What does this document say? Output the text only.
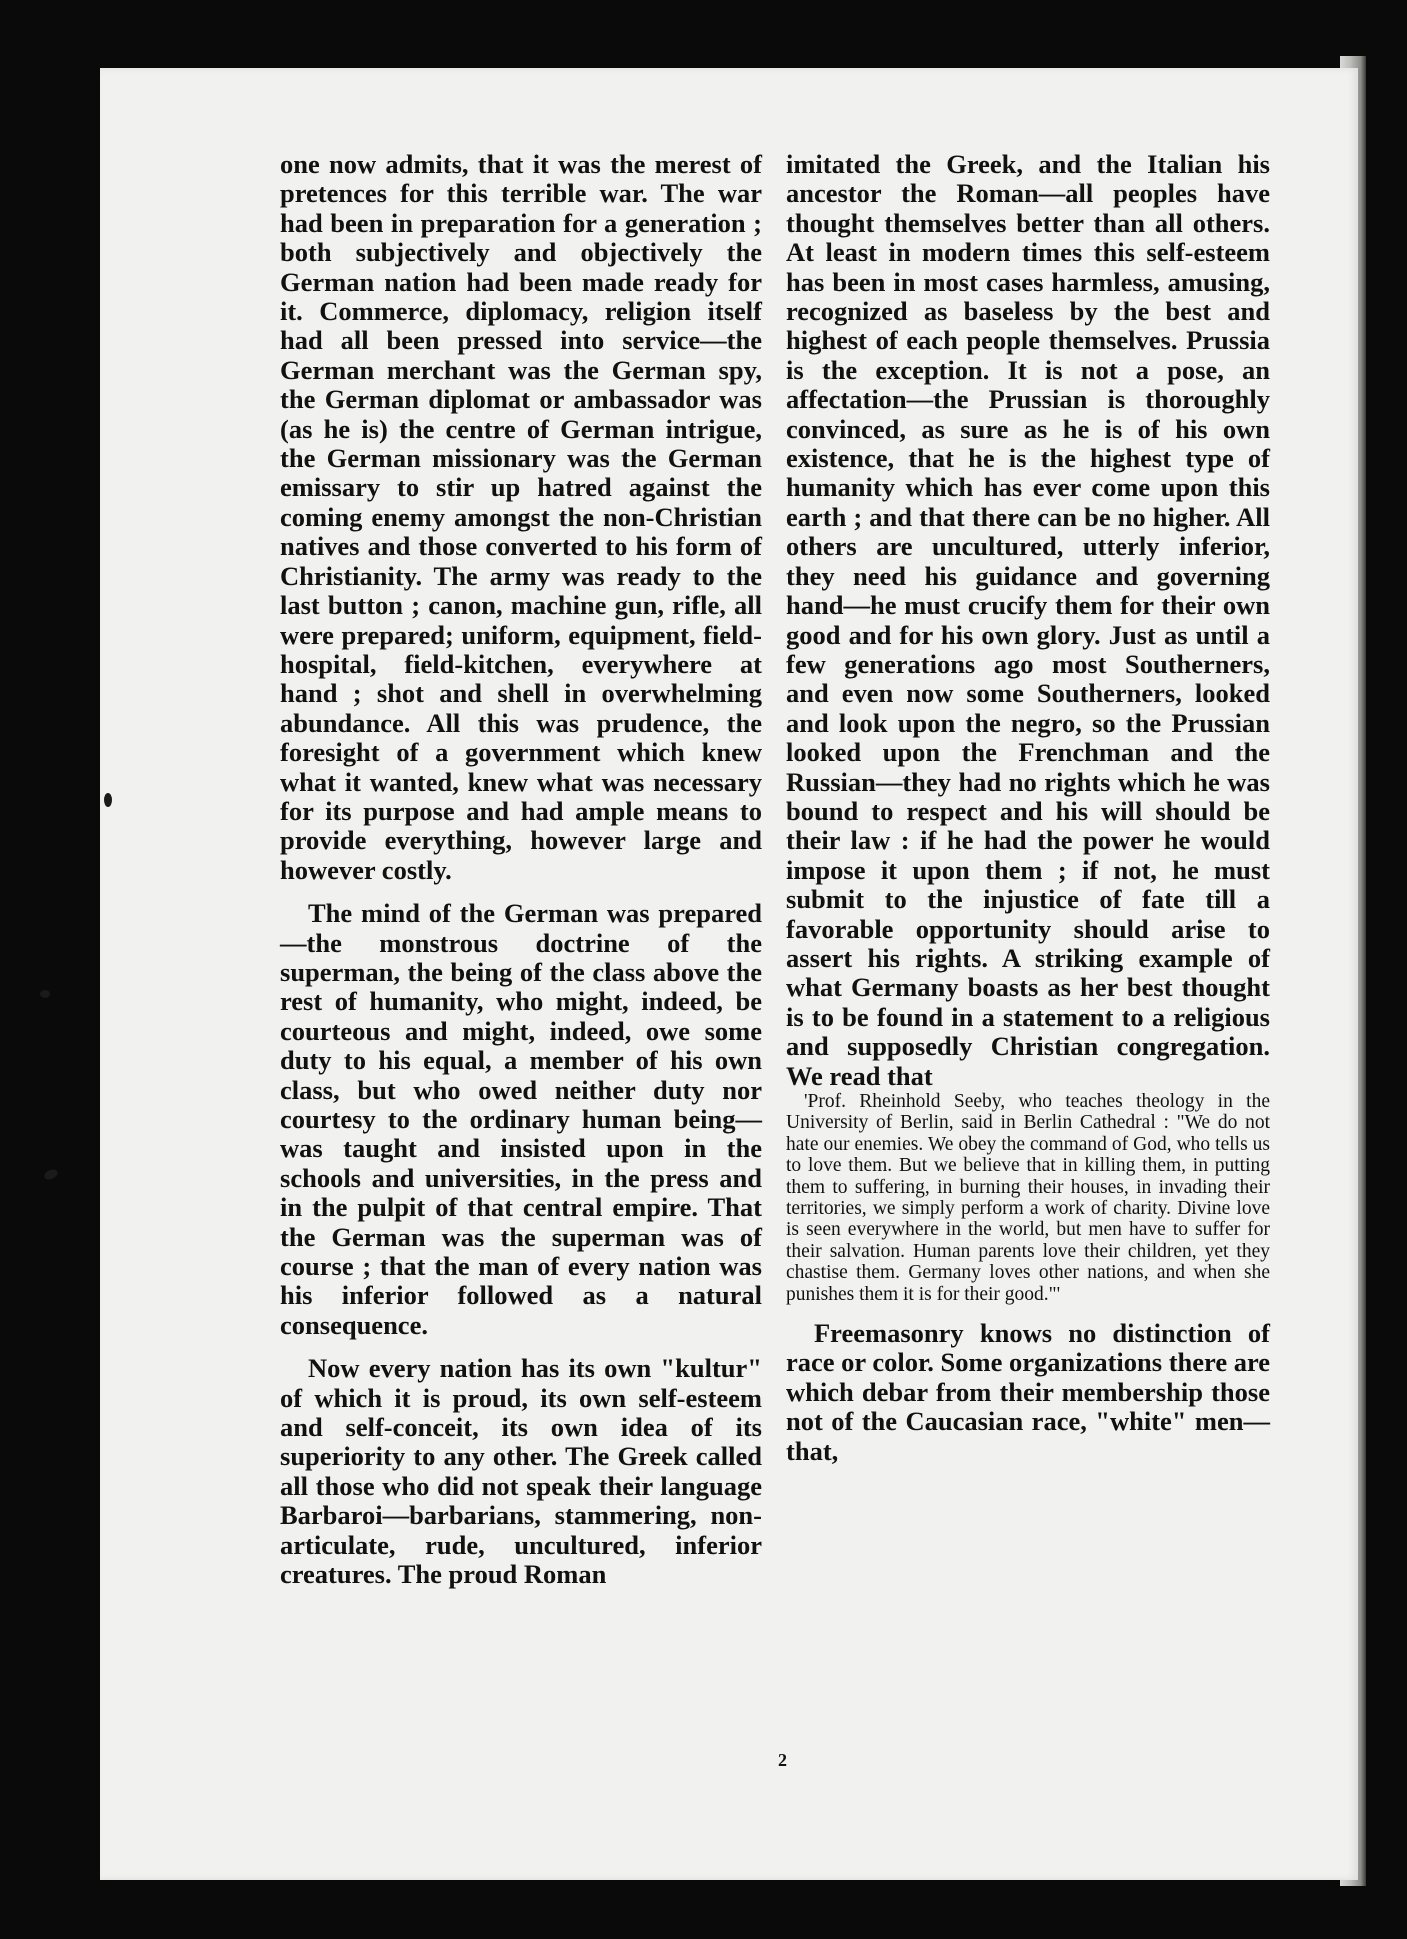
one now admits, that it was the merest of pretences for this terrible war. The war had been in preparation for a generation ; both subjectively and objectively the German nation had been made ready for it. Commerce, diplomacy, religion itself had all been pressed into service—the German merchant was the German spy, the German diplomat or ambassador was (as he is) the centre of German intrigue, the German missionary was the German emissary to stir up hatred against the coming enemy amongst the non-Christian natives and those converted to his form of Christianity. The army was ready to the last button ; canon, machine gun, rifle, all were prepared; uniform, equipment, field-hospital, field-kitchen, everywhere at hand ; shot and shell in overwhelming abundance. All this was prudence, the foresight of a government which knew what it wanted, knew what was necessary for its purpose and had ample means to provide everything, however large and however costly.

The mind of the German was prepared—the monstrous doctrine of the superman, the being of the class above the rest of humanity, who might, indeed, be courteous and might, indeed, owe some duty to his equal, a member of his own class, but who owed neither duty nor courtesy to the ordinary human being—was taught and insisted upon in the schools and universities, in the press and in the pulpit of that central empire. That the German was the superman was of course ; that the man of every nation was his inferior followed as a natural consequence.

Now every nation has its own "kultur" of which it is proud, its own self-esteem and self-conceit, its own idea of its superiority to any other. The Greek called all those who did not speak their language Barbaroi—barbarians, stammering, non-articulate, rude, uncultured, inferior creatures. The proud Roman

imitated the Greek, and the Italian his ancestor the Roman—all peoples have thought themselves better than all others. At least in modern times this self-esteem has been in most cases harmless, amusing, recognized as baseless by the best and highest of each people themselves. Prussia is the exception. It is not a pose, an affectation—the Prussian is thoroughly convinced, as sure as he is of his own existence, that he is the highest type of humanity which has ever come upon this earth ; and that there can be no higher. All others are uncultured, utterly inferior, they need his guidance and governing hand—he must crucify them for their own good and for his own glory. Just as until a few generations ago most Southerners, and even now some Southerners, looked and look upon the negro, so the Prussian looked upon the Frenchman and the Russian—they had no rights which he was bound to respect and his will should be their law : if he had the power he would impose it upon them ; if not, he must submit to the injustice of fate till a favorable opportunity should arise to assert his rights. A striking example of what Germany boasts as her best thought is to be found in a statement to a religious and supposedly Christian congregation. We read that

'Prof. Rheinhold Seeby, who teaches theology in the University of Berlin, said in Berlin Cathedral : "We do not hate our enemies. We obey the command of God, who tells us to love them. But we believe that in killing them, in putting them to suffering, in burning their houses, in invading their territories, we simply perform a work of charity. Divine love is seen everywhere in the world, but men have to suffer for their salvation. Human parents love their children, yet they chastise them. Germany loves other nations, and when she punishes them it is for their good."'

Freemasonry knows no distinction of race or color. Some organizations there are which debar from their membership those not of the Caucasian race, "white" men—that,

2
